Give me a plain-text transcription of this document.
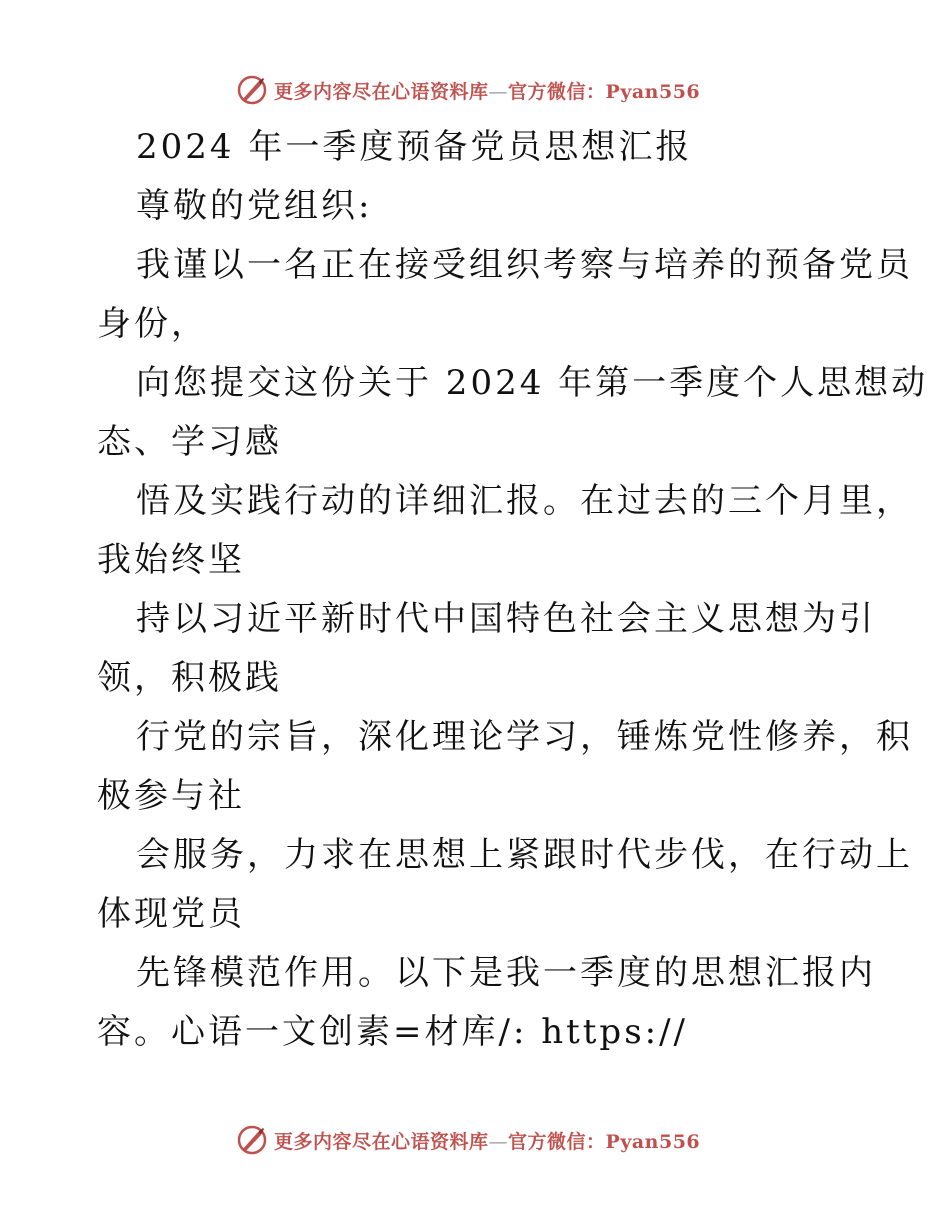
更多内容尽在心语资料库—官方微信：Pyan556
2024 年一季度预备党员思想汇报
尊敬的党组织:
我谨以一名正在接受组织考察与培养的预备党员
身份，
向您提交这份关于 2024 年第一季度个人思想动
态、学习感
悟及实践行动的详细汇报。在过去的三个月里，
我始终坚
持以习近平新时代中国特色社会主义思想为引
领，积极践
行党的宗旨，深化理论学习，锤炼党性修养，积
极参与社
会服务，力求在思想上紧跟时代步伐，在行动上
体现党员
先锋模范作用。以下是我一季度的思想汇报内
容。心语一文创素=材库/: https://
更多内容尽在心语资料库—官方微信：Pyan556
